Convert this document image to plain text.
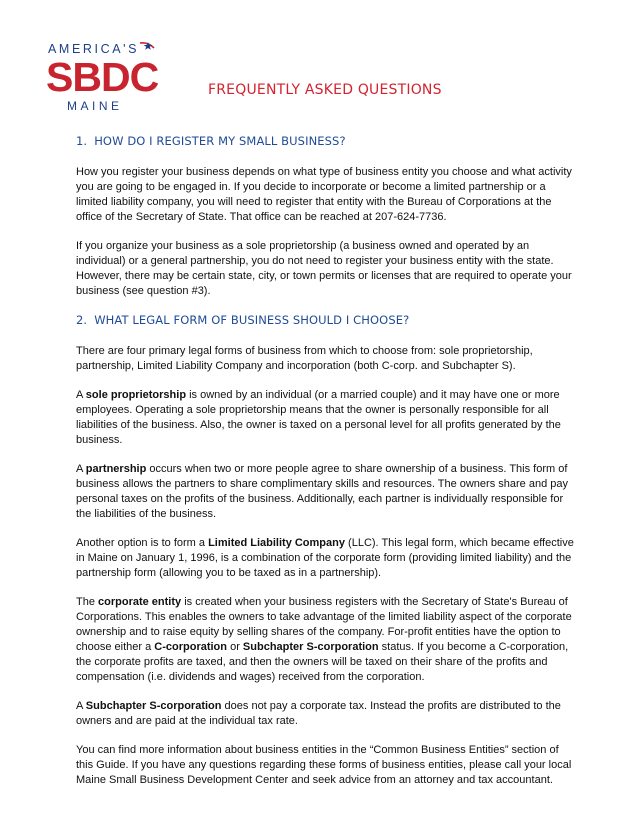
AMERICA'S
SBDC
MAINE
FREQUENTLY ASKED QUESTIONS
1. HOW DO I REGISTER MY SMALL BUSINESS?

How you register your business depends on what type of business entity you choose and what activity you are going to be engaged in. If you decide to incorporate or become a limited partnership or a limited liability company, you will need to register that entity with the Bureau of Corporations at the office of the Secretary of State. That office can be reached at 207-624-7736.

If you organize your business as a sole proprietorship (a business owned and operated by an individual) or a general partnership, you do not need to register your business entity with the state. However, there may be certain state, city, or town permits or licenses that are required to operate your business (see question #3).

2. WHAT LEGAL FORM OF BUSINESS SHOULD I CHOOSE?

There are four primary legal forms of business from which to choose from: sole proprietorship, partnership, Limited Liability Company and incorporation (both C-corp. and Subchapter S).

A sole proprietorship is owned by an individual (or a married couple) and it may have one or more employees. Operating a sole proprietorship means that the owner is personally responsible for all liabilities of the business. Also, the owner is taxed on a personal level for all profits generated by the business.

A partnership occurs when two or more people agree to share ownership of a business. This form of business allows the partners to share complimentary skills and resources. The owners share and pay personal taxes on the profits of the business. Additionally, each partner is individually responsible for the liabilities of the business.

Another option is to form a Limited Liability Company (LLC). This legal form, which became effective in Maine on January 1, 1996, is a combination of the corporate form (providing limited liability) and the partnership form (allowing you to be taxed as in a partnership).

The corporate entity is created when your business registers with the Secretary of State's Bureau of Corporations. This enables the owners to take advantage of the limited liability aspect of the corporate ownership and to raise equity by selling shares of the company. For-profit entities have the option to choose either a C-corporation or Subchapter S-corporation status. If you become a C-corporation, the corporate profits are taxed, and then the owners will be taxed on their share of the profits and compensation (i.e. dividends and wages) received from the corporation.

A Subchapter S-corporation does not pay a corporate tax. Instead the profits are distributed to the owners and are paid at the individual tax rate.

You can find more information about business entities in the “Common Business Entities” section of this Guide. If you have any questions regarding these forms of business entities, please call your local Maine Small Business Development Center and seek advice from an attorney and tax accountant.
